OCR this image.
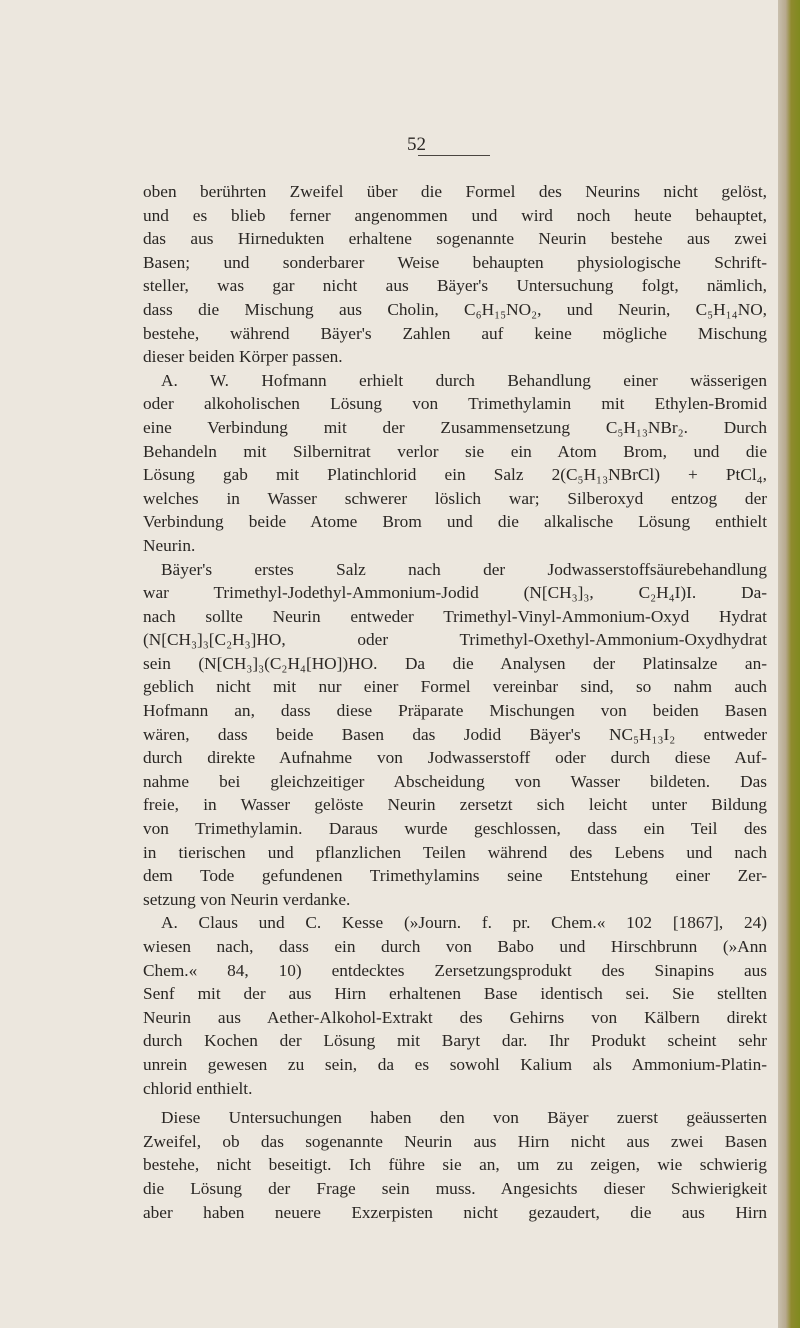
52
oben berührten Zweifel über die Formel des Neurins nicht gelöst,
und es blieb ferner angenommen und wird noch heute behauptet,
das aus Hirnedukten erhaltene sogenannte Neurin bestehe aus zwei
Basen; und sonderbarer Weise behaupten physiologische Schrift-
steller, was gar nicht aus Bäyer's Untersuchung folgt, nämlich,
dass die Mischung aus Cholin, C₆H₁₅NO₂, und Neurin, C₅H₁₄NO,
bestehe, während Bäyer's Zahlen auf keine mögliche Mischung
dieser beiden Körper passen.
A. W. Hofmann erhielt durch Behandlung einer wässerigen
oder alkoholischen Lösung von Trimethylamin mit Ethylen-Bromid
eine Verbindung mit der Zusammensetzung C₅H₁₃NBr₂. Durch
Behandeln mit Silbernitrat verlor sie ein Atom Brom, und die
Lösung gab mit Platinchlorid ein Salz 2(C₅H₁₃NBrCl) + PtCl₄,
welches in Wasser schwerer löslich war; Silberoxyd entzog der
Verbindung beide Atome Brom und die alkalische Lösung enthielt
Neurin.
Bäyer's erstes Salz nach der Jodwasserstoffsäurebehandlung
war Trimethyl-Jodethyl-Ammonium-Jodid (N[CH₃]₃, C₂H₄I)I. Da-
nach sollte Neurin entweder Trimethyl-Vinyl-Ammonium-Oxyd Hydrat
(N[CH₃]₃[C₂H₃]HO, oder Trimethyl-Oxethyl-Ammonium-Oxydhydrat
sein (N[CH₃]₃(C₂H₄[HO])HO. Da die Analysen der Platinsalze an-
geblich nicht mit nur einer Formel vereinbar sind, so nahm auch
Hofmann an, dass diese Präparate Mischungen von beiden Basen
wären, dass beide Basen das Jodid Bäyer's NC₅H₁₃I₂ entweder
durch direkte Aufnahme von Jodwasserstoff oder durch diese Auf-
nahme bei gleichzeitiger Abscheidung von Wasser bildeten. Das
freie, in Wasser gelöste Neurin zersetzt sich leicht unter Bildung
von Trimethylamin. Daraus wurde geschlossen, dass ein Teil des
in tierischen und pflanzlichen Teilen während des Lebens und nach
dem Tode gefundenen Trimethylamins seine Entstehung einer Zer-
setzung von Neurin verdanke.
A. Claus und C. Kesse (»Journ. f. pr. Chem.« 102 [1867], 24)
wiesen nach, dass ein durch von Babo und Hirschbrunn (»Ann
Chem.« 84, 10) entdecktes Zersetzungsprodukt des Sinapins aus
Senf mit der aus Hirn erhaltenen Base identisch sei. Sie stellten
Neurin aus Aether-Alkohol-Extrakt des Gehirns von Kälbern direkt
durch Kochen der Lösung mit Baryt dar. Ihr Produkt scheint sehr
unrein gewesen zu sein, da es sowohl Kalium als Ammonium-Platin-
chlorid enthielt.
Diese Untersuchungen haben den von Bäyer zuerst geäusserten
Zweifel, ob das sogenannte Neurin aus Hirn nicht aus zwei Basen
bestehe, nicht beseitigt. Ich führe sie an, um zu zeigen, wie schwierig
die Lösung der Frage sein muss. Angesichts dieser Schwierigkeit
aber haben neuere Exzerpisten nicht gezaudert, die aus Hirn
